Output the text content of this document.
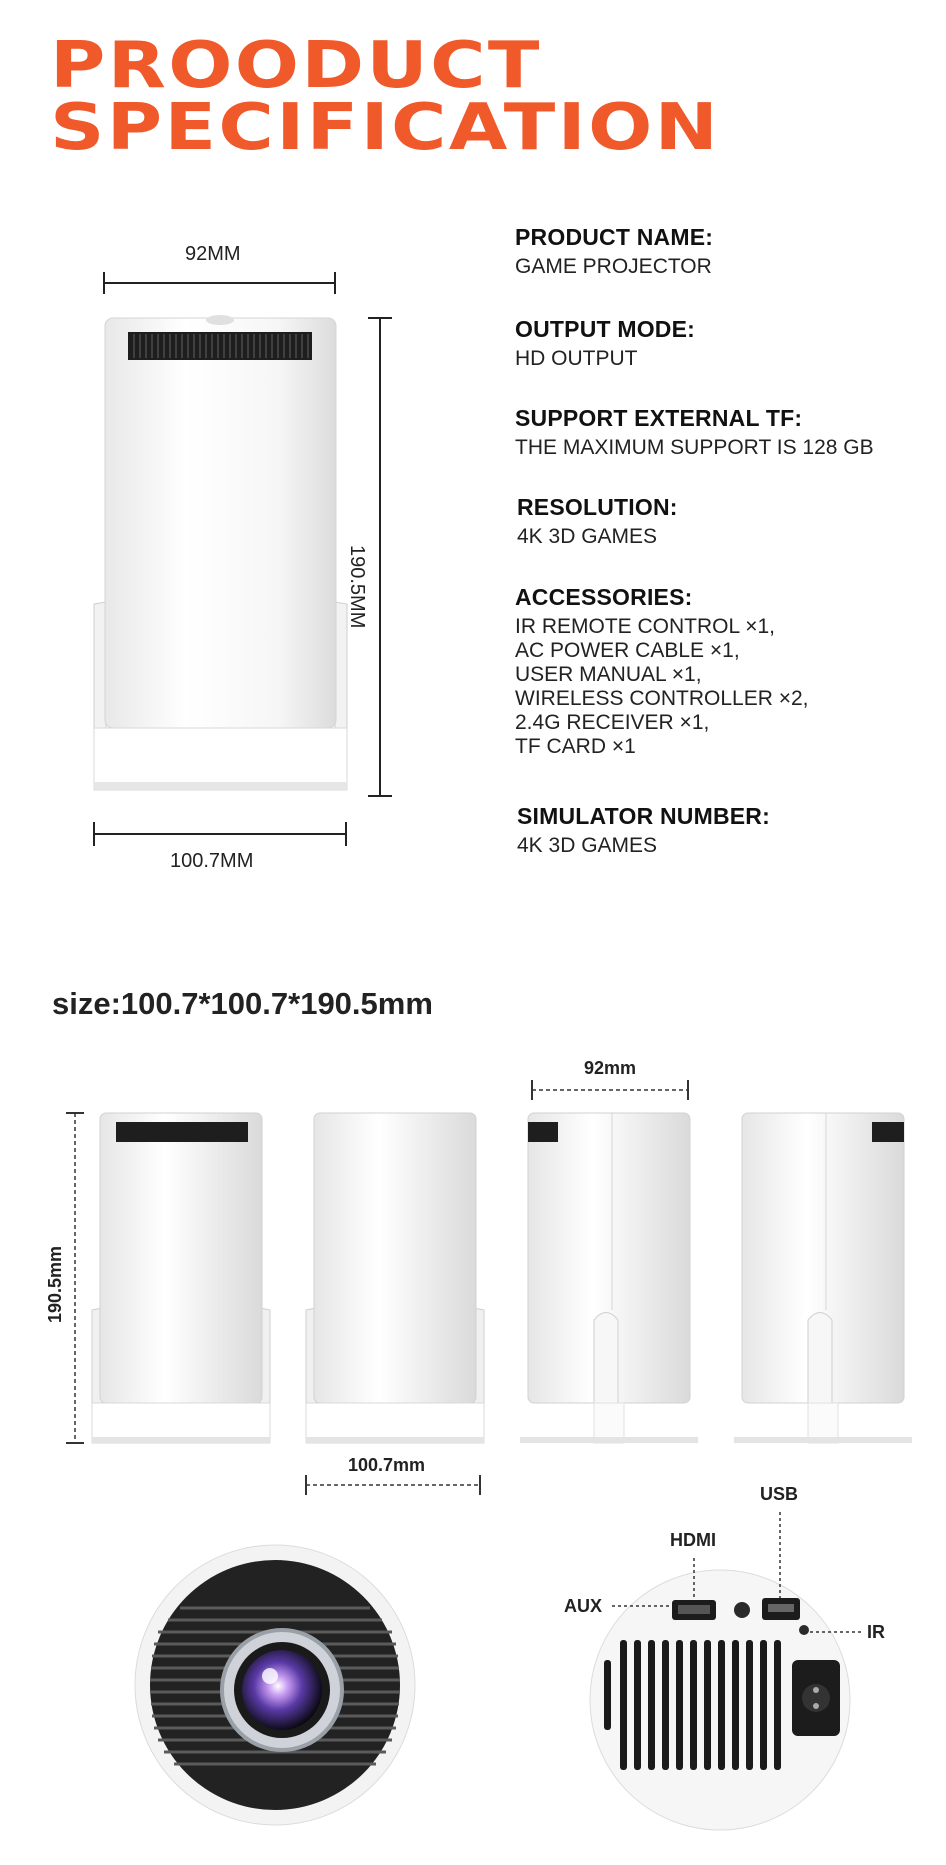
PROODUCT
SPECIFICATION
92MM
190.5MM
100.7MM
PRODUCT NAME:
GAME PROJECTOR
OUTPUT MODE:
HD OUTPUT
SUPPORT EXTERNAL TF:
THE MAXIMUM SUPPORT IS 128 GB
RESOLUTION:
4K 3D GAMES
ACCESSORIES:
IR REMOTE CONTROL ×1,
AC POWER CABLE ×1,
USER MANUAL ×1,
WIRELESS CONTROLLER ×2,
2.4G RECEIVER ×1,
TF CARD ×1
SIMULATOR NUMBER:
4K 3D GAMES
size:100.7*100.7*190.5mm
92mm
190.5mm
100.7mm
USB
HDMI
AUX
IR
